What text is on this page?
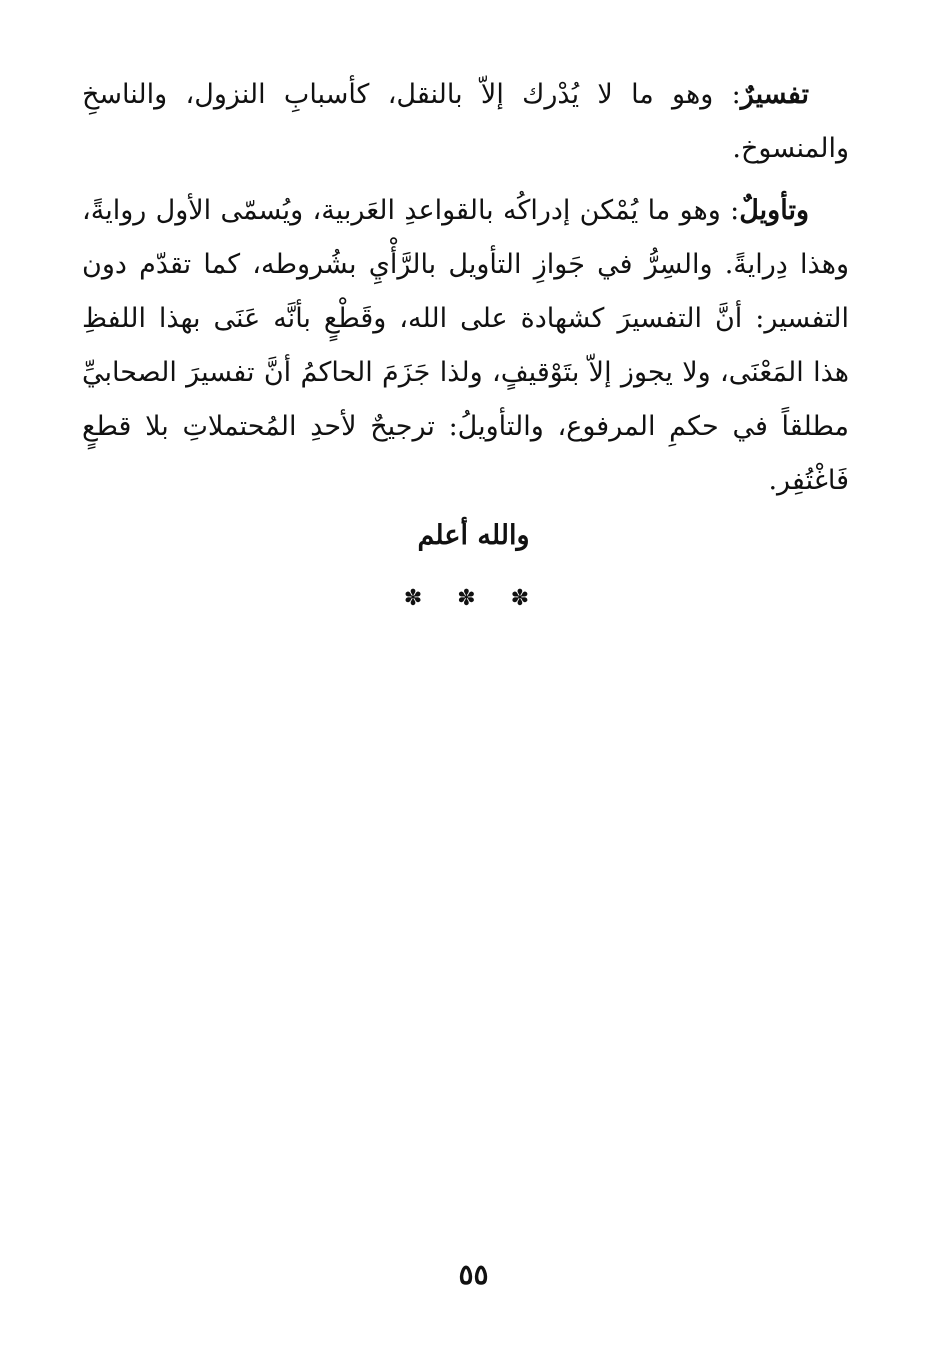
تفسيرٌ: وهو ما لا يُدْرك إلاّ بالنقل، كأسبابِ النزول، والناسخِ والمنسوخ.

وتأويلٌ: وهو ما يُمْكن إدراكُه بالقواعدِ العَربية، ويُسمّى الأول روايةً، وهذا دِرايةً. والسِرُّ في جَوازِ التأويل بالرَّأْيِ بشُروطه، كما تقدّم دون التفسير: أنَّ التفسيرَ كشهادة على الله، وقَطْعٍ بأنَّه عَنَى بهذا اللفظِ هذا المَعْنَى، ولا يجوز إلاّ بتَوْقيفٍ، ولذا جَزَمَ الحاكمُ أنَّ تفسيرَ الصحابيِّ مطلقاً في حكمِ المرفوع، والتأويلُ: ترجيحٌ لأحدِ المُحتملاتِ بلا قطعٍ فَاغْتُفِر.

والله أعلم
✽ ✽ ✽
٥٥
